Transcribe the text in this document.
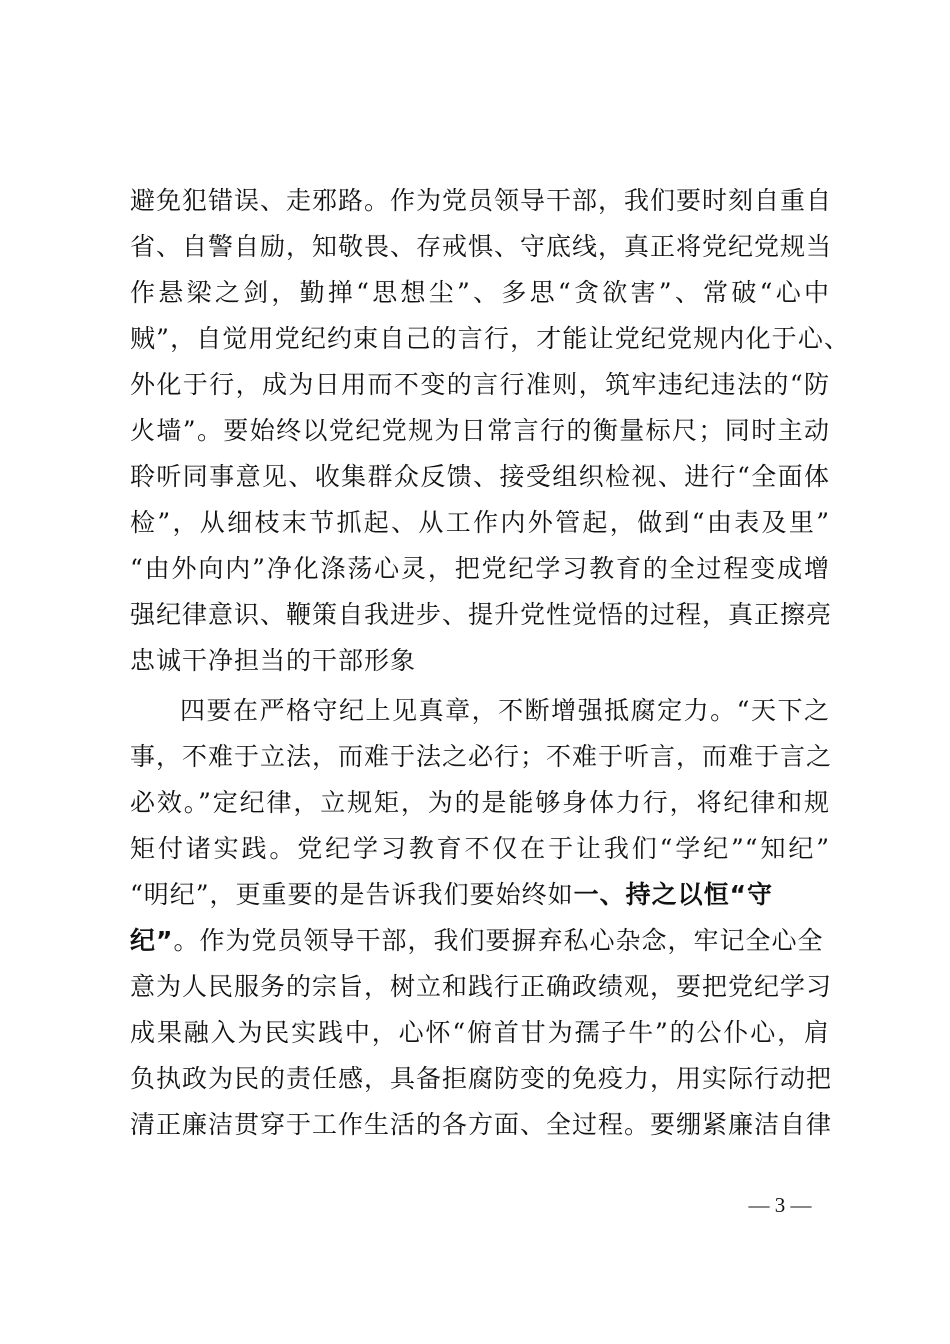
避免犯错误、走邪路。作为党员领导干部，我们要时刻自重自
省、自警自励，知敬畏、存戒惧、守底线，真正将党纪党规当
作悬梁之剑，勤掸“思想尘”、多思“贪欲害”、常破“心中
贼”，自觉用党纪约束自己的言行，才能让党纪党规内化于心、
外化于行，成为日用而不变的言行准则，筑牢违纪违法的“防
火墙”。要始终以党纪党规为日常言行的衡量标尺；同时主动
聆听同事意见、收集群众反馈、接受组织检视、进行“全面体
检”，从细枝末节抓起、从工作内外管起，做到“由表及里”
“由外向内”净化涤荡心灵，把党纪学习教育的全过程变成增
强纪律意识、鞭策自我进步、提升党性觉悟的过程，真正擦亮
忠诚干净担当的干部形象
四要在严格守纪上见真章，不断增强抵腐定力。“天下之
事，不难于立法，而难于法之必行；不难于听言，而难于言之
必效。”定纪律，立规矩，为的是能够身体力行，将纪律和规
矩付诸实践。党纪学习教育不仅在于让我们“学纪”“知纪”
“明纪”，更重要的是告诉我们要始终如一、持之以恒“守
纪”。作为党员领导干部，我们要摒弃私心杂念，牢记全心全
意为人民服务的宗旨，树立和践行正确政绩观，要把党纪学习
成果融入为民实践中，心怀“俯首甘为孺子牛”的公仆心，肩
负执政为民的责任感，具备拒腐防变的免疫力，用实际行动把
清正廉洁贯穿于工作生活的各方面、全过程。要绷紧廉洁自律
— 3 —
